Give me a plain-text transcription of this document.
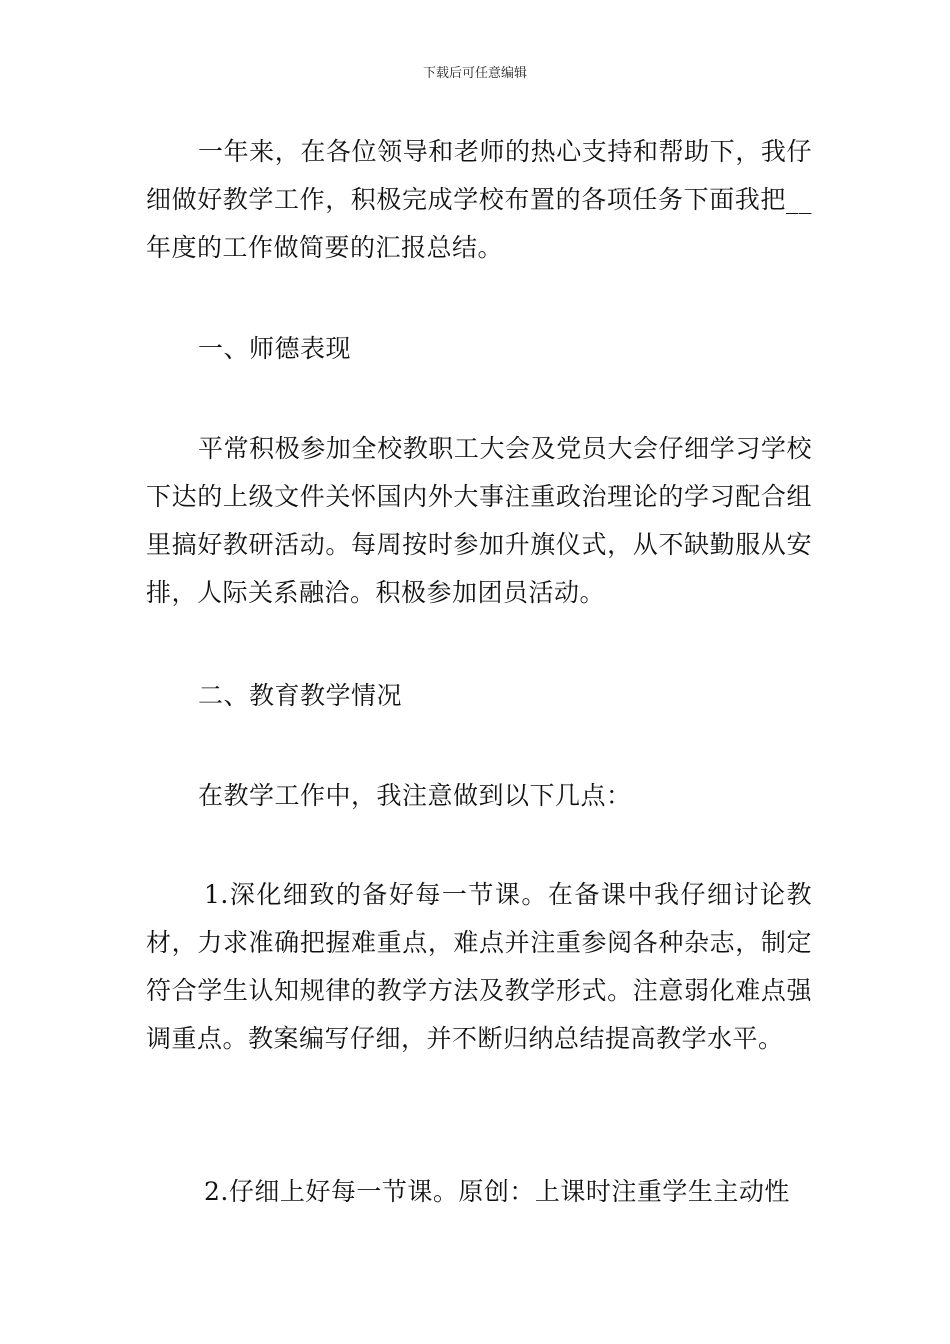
下载后可任意编辑

一年来，在各位领导和老师的热心支持和帮助下，我仔细做好教学工作，积极完成学校布置的各项任务下面我把__年度的工作做简要的汇报总结。

一、师德表现

平常积极参加全校教职工大会及党员大会仔细学习学校下达的上级文件关怀国内外大事注重政治理论的学习配合组里搞好教研活动。每周按时参加升旗仪式，从不缺勤服从安排，人际关系融洽。积极参加团员活动。

二、教育教学情况

在教学工作中，我注意做到以下几点：

1.深化细致的备好每一节课。在备课中我仔细讨论教材，力求准确把握难重点，难点并注重参阅各种杂志，制定符合学生认知规律的教学方法及教学形式。注意弱化难点强调重点。教案编写仔细，并不断归纳总结提高教学水平。

2.仔细上好每一节课。原创：上课时注重学生主动性
